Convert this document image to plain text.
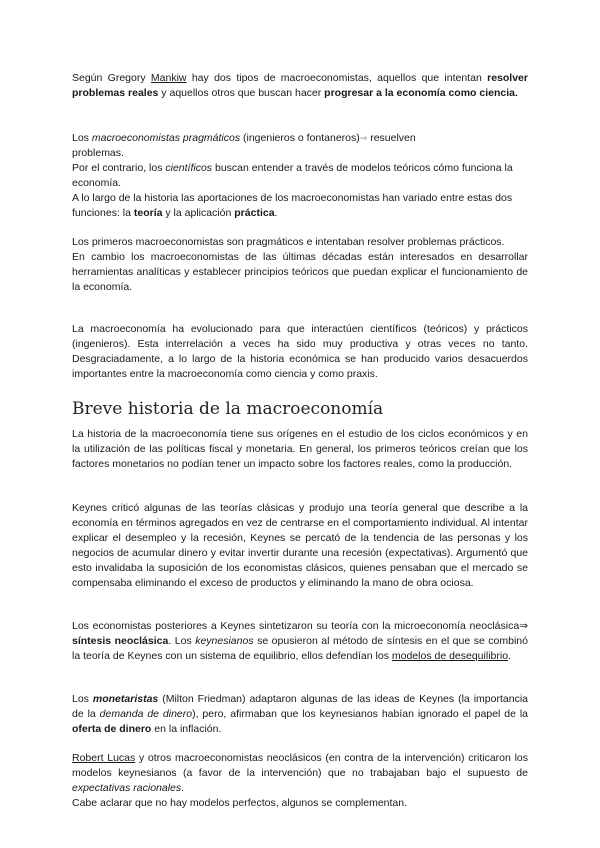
Según Gregory Mankiw hay dos tipos de macroeconomistas, aquellos que intentan resolver problemas reales y aquellos otros que buscan hacer progresar a la economía como ciencia.

Los macroeconomistas pragmáticos (ingenieros o fontaneros)⇒ resuelven
problemas.
Por el contrario, los científicos buscan entender a través de modelos teóricos cómo funciona la economía.
A lo largo de la historia las aportaciones de los macroeconomistas han variado entre estas dos funciones: la teoría y la aplicación práctica.
Los primeros macroeconomistas son pragmáticos e intentaban resolver problemas prácticos.
En cambio los macroeconomistas de las últimas décadas están interesados en desarrollar herramientas analíticas y establecer principios teóricos que puedan explicar el funcionamiento de la economía.

La macroeconomía ha evolucionado para que interactúen científicos (teóricos) y prácticos (ingenieros). Esta interrelación a veces ha sido muy productiva y otras veces no tanto. Desgraciadamente, a lo largo de la historia económica se han producido varios desacuerdos importantes entre la macroeconomía como ciencia y como praxis.

Breve historia de la macroeconomía

La historia de la macroeconomía tiene sus orígenes en el estudio de los ciclos económicos y en la utilización de las políticas fiscal y monetaria. En general, los primeros teóricos creían que los factores monetarios no podían tener un impacto sobre los factores reales, como la producción.

Keynes criticó algunas de las teorías clásicas y produjo una teoría general que describe a la economía en términos agregados en vez de centrarse en el comportamiento individual. Al intentar explicar el desempleo y la recesión, Keynes se percató de la tendencia de las personas y los negocios de acumular dinero y evitar invertir durante una recesión (expectativas). Argumentó que esto invalidaba la suposición de los economistas clásicos, quienes pensaban que el mercado se compensaba eliminando el exceso de productos y eliminando la mano de obra ociosa.

Los economistas posteriores a Keynes sintetizaron su teoría con la microeconomía neoclásica⇒ síntesis neoclásica. Los keynesianos se opusieron al método de síntesis en el que se combinó la teoría de Keynes con un sistema de equilibrio, ellos defendían los modelos de desequilibrio.

Los monetaristas (Milton Friedman) adaptaron algunas de las ideas de Keynes (la importancia de la demanda de dinero), pero, afirmaban que los keynesianos habían ignorado el papel de la oferta de dinero en la inflación.

Robert Lucas y otros macroeconomistas neoclásicos (en contra de la intervención) criticaron los modelos keynesianos (a favor de la intervención) que no trabajaban bajo el supuesto de expectativas racionales.
Cabe aclarar que no hay modelos perfectos, algunos se complementan.
